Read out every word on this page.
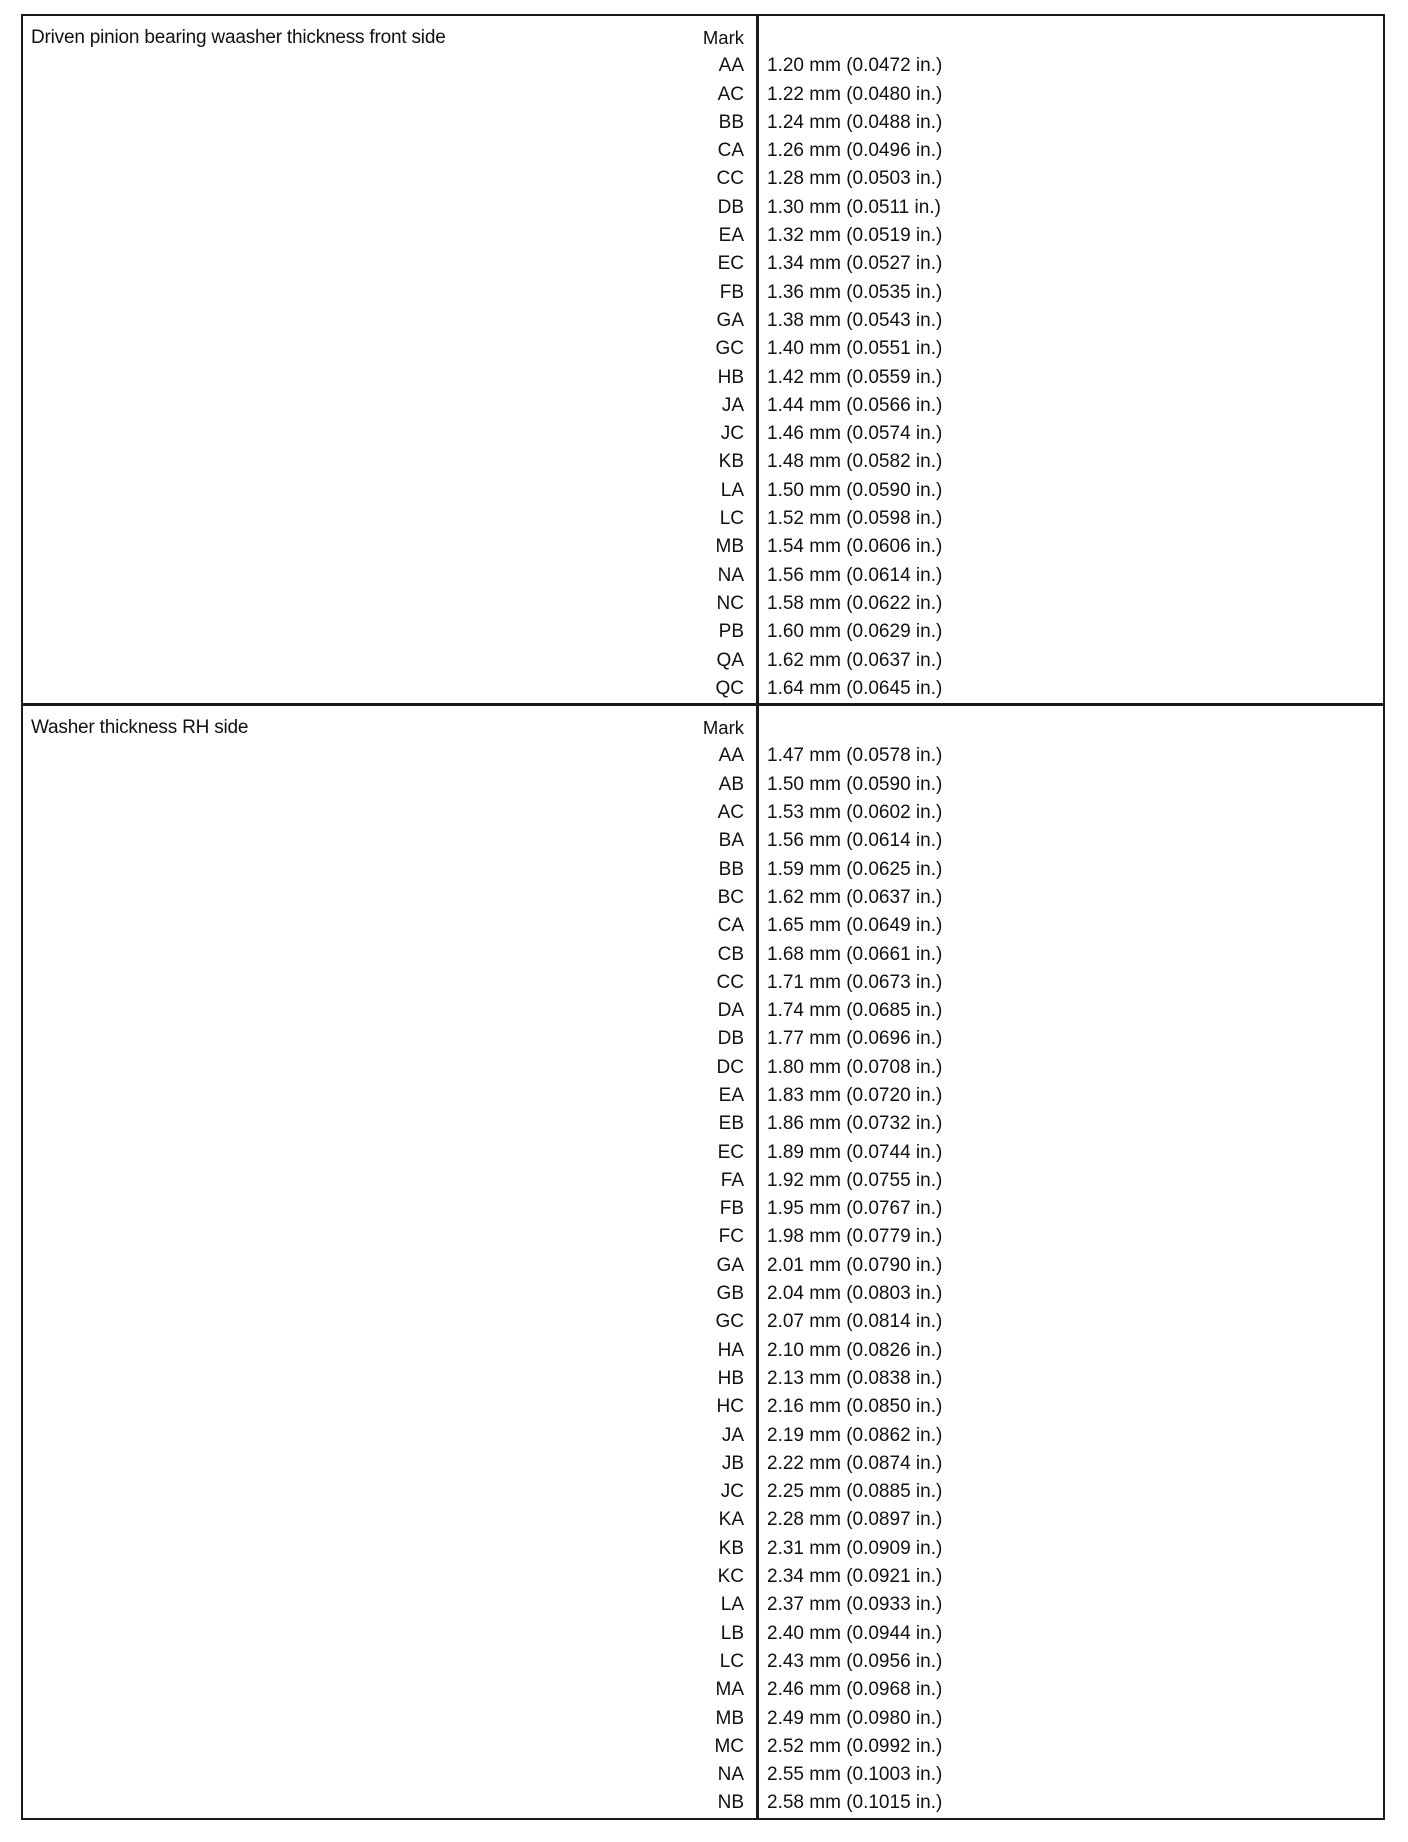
Driven pinion bearing waasher thickness front side	Mark
AA
AC
BB
CA
CC
DB
EA
EC
FB
GA
GC
HB
JA
JC
KB
LA
LC
MB
NA
NC
PB
QA
QC
1.20 mm (0.0472 in.)
1.22 mm (0.0480 in.)
1.24 mm (0.0488 in.)
1.26 mm (0.0496 in.)
1.28 mm (0.0503 in.)
1.30 mm (0.0511 in.)
1.32 mm (0.0519 in.)
1.34 mm (0.0527 in.)
1.36 mm (0.0535 in.)
1.38 mm (0.0543 in.)
1.40 mm (0.0551 in.)
1.42 mm (0.0559 in.)
1.44 mm (0.0566 in.)
1.46 mm (0.0574 in.)
1.48 mm (0.0582 in.)
1.50 mm (0.0590 in.)
1.52 mm (0.0598 in.)
1.54 mm (0.0606 in.)
1.56 mm (0.0614 in.)
1.58 mm (0.0622 in.)
1.60 mm (0.0629 in.)
1.62 mm (0.0637 in.)
1.64 mm (0.0645 in.)
Washer thickness RH side	Mark
AA
AB
AC
BA
BB
BC
CA
CB
CC
DA
DB
DC
EA
EB
EC
FA
FB
FC
GA
GB
GC
HA
HB
HC
JA
JB
JC
KA
KB
KC
LA
LB
LC
MA
MB
MC
NA
NB
1.47 mm (0.0578 in.)
1.50 mm (0.0590 in.)
1.53 mm (0.0602 in.)
1.56 mm (0.0614 in.)
1.59 mm (0.0625 in.)
1.62 mm (0.0637 in.)
1.65 mm (0.0649 in.)
1.68 mm (0.0661 in.)
1.71 mm (0.0673 in.)
1.74 mm (0.0685 in.)
1.77 mm (0.0696 in.)
1.80 mm (0.0708 in.)
1.83 mm (0.0720 in.)
1.86 mm (0.0732 in.)
1.89 mm (0.0744 in.)
1.92 mm (0.0755 in.)
1.95 mm (0.0767 in.)
1.98 mm (0.0779 in.)
2.01 mm (0.0790 in.)
2.04 mm (0.0803 in.)
2.07 mm (0.0814 in.)
2.10 mm (0.0826 in.)
2.13 mm (0.0838 in.)
2.16 mm (0.0850 in.)
2.19 mm (0.0862 in.)
2.22 mm (0.0874 in.)
2.25 mm (0.0885 in.)
2.28 mm (0.0897 in.)
2.31 mm (0.0909 in.)
2.34 mm (0.0921 in.)
2.37 mm (0.0933 in.)
2.40 mm (0.0944 in.)
2.43 mm (0.0956 in.)
2.46 mm (0.0968 in.)
2.49 mm (0.0980 in.)
2.52 mm (0.0992 in.)
2.55 mm (0.1003 in.)
2.58 mm (0.1015 in.)
